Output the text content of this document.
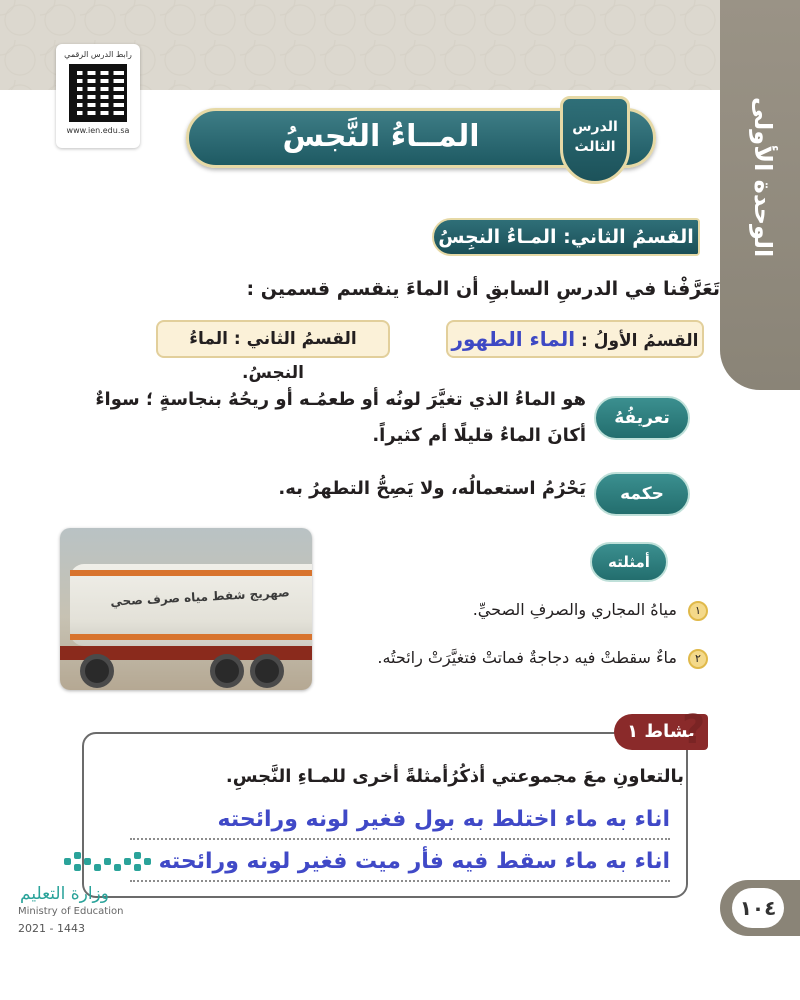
الوحدة الأولى
رابط الدرس الرقمي
www.ien.edu.sa	المــاءُ النَّجسُ	الدرس
الثالث
القسمُ الثاني: المـاءُ النجِسُ
تَعَرَّفْنا في الدرسِ السابقِ أن الماءَ ينقسم قسمين :
القسمُ الأولُ : الماء الطهور
القسمُ الثاني : الماءُ النجسُ.
تعريفُهُ
هو الماءُ الذي تغيَّرَ لونُه أو طعمُـه أو ريحُهُ بنجاسةٍ ؛ سواءٌ أكانَ الماءُ قليلًا أم كثيراً.
حكمه
يَحْرُمُ استعمالُه، ولا يَصِحُّ التطهرُ به.
صهريج شفط مياه صرف صحي
أمثلته
١ مياهُ المجاري والصرفِ الصحيِّ.
٢ ماءٌ سقطتْ فيه دجاجةٌ فماتتْ فتغيَّرَتْ رائحتُه.
نشاط ١
?
بالتعاونِ معَ مجموعتي أذكُرُأمثلةً أخرى للمـاءِ النَّجسِ.
اناء به ماء اختلط به بول فغير لونه ورائحته
اناء به ماء سقط فيه فأر ميت فغير لونه ورائحته
وزارة التعليم
Ministry of Education
2021 - 1443
١٠٤
